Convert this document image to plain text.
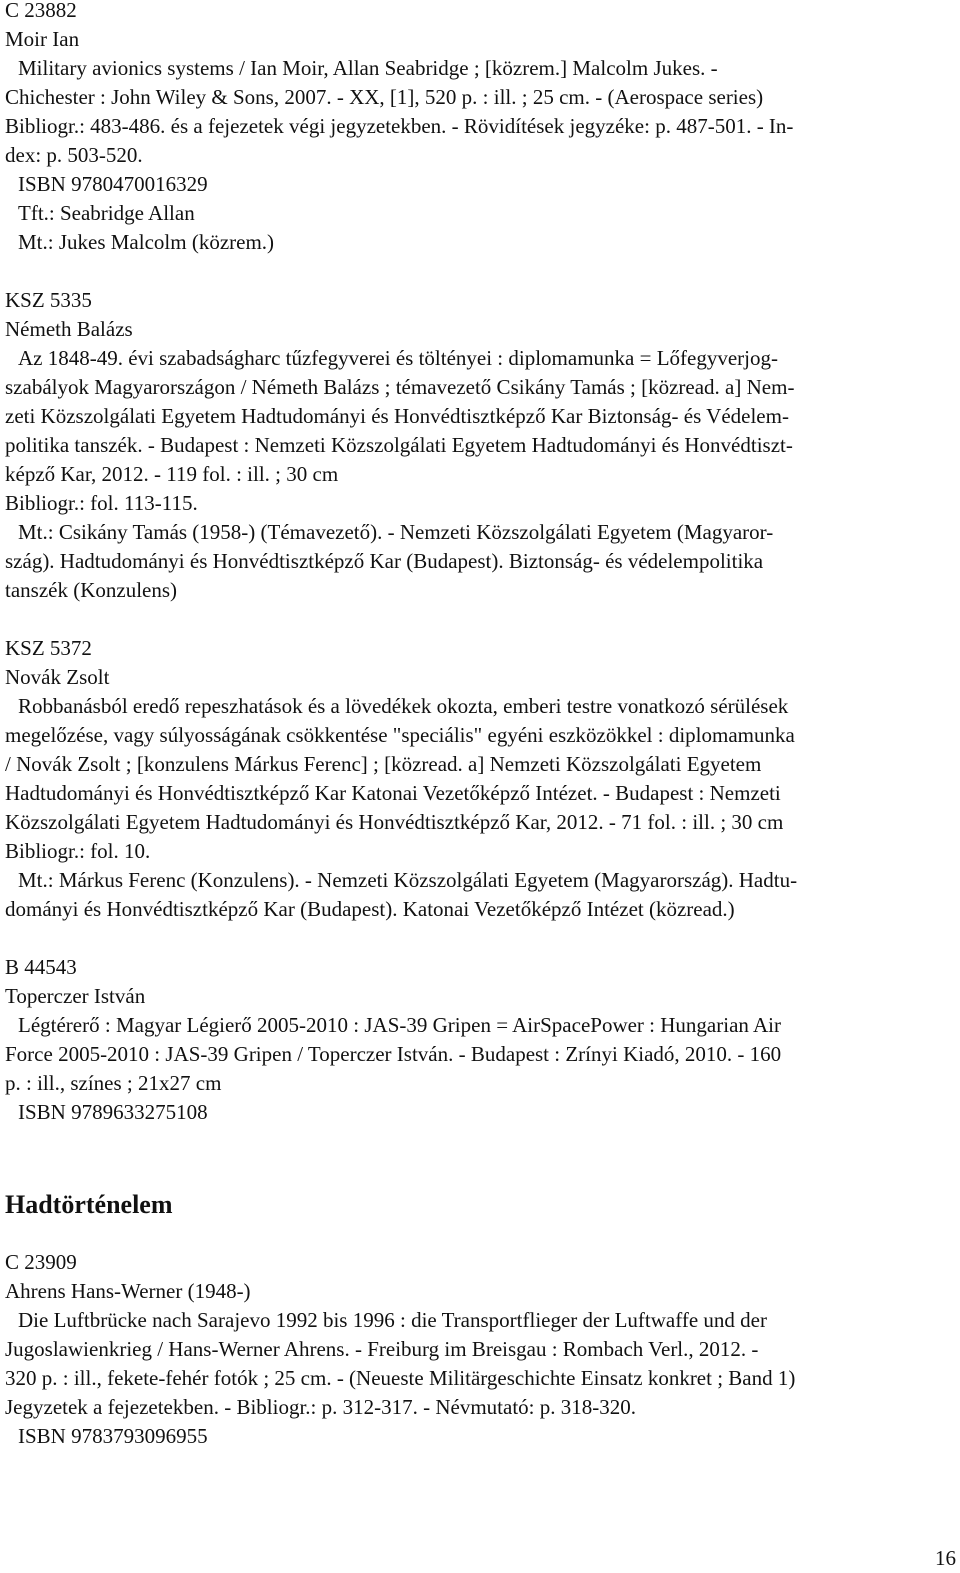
C 23882
Moir Ian
Military avionics systems / Ian Moir, Allan Seabridge ; [közrem.] Malcolm Jukes. -
Chichester : John Wiley & Sons, 2007. - XX, [1], 520 p. : ill. ; 25 cm. - (Aerospace series)
Bibliogr.: 483-486. és a fejezetek végi jegyzetekben. - Rövidítések jegyzéke: p. 487-501. - In-
dex: p. 503-520.
ISBN 9780470016329
Tft.: Seabridge Allan
Mt.: Jukes Malcolm (közrem.)
KSZ 5335
Németh Balázs
Az 1848-49. évi szabadságharc tűzfegyverei és töltényei : diplomamunka = Lőfegyverjog-
szabályok Magyarországon / Németh Balázs ; témavezető Csikány Tamás ; [közread. a] Nem-
zeti Közszolgálati Egyetem Hadtudományi és Honvédtisztképző Kar Biztonság- és Védelem-
politika tanszék. - Budapest : Nemzeti Közszolgálati Egyetem Hadtudományi és Honvédtiszt-
képző Kar, 2012. - 119 fol. : ill. ; 30 cm
Bibliogr.: fol. 113-115.
Mt.: Csikány Tamás (1958-) (Témavezető). - Nemzeti Közszolgálati Egyetem (Magyaror-
szág). Hadtudományi és Honvédtisztképző Kar (Budapest). Biztonság- és védelempolitika
tanszék (Konzulens)
KSZ 5372
Novák Zsolt
Robbanásból eredő repeszhatások és a lövedékek okozta, emberi testre vonatkozó sérülések
megelőzése, vagy súlyosságának csökkentése "speciális" egyéni eszközökkel : diplomamunka
/ Novák Zsolt ; [konzulens Márkus Ferenc] ; [közread. a] Nemzeti Közszolgálati Egyetem
Hadtudományi és Honvédtisztképző Kar Katonai Vezetőképző Intézet. - Budapest : Nemzeti
Közszolgálati Egyetem Hadtudományi és Honvédtisztképző Kar, 2012. - 71 fol. : ill. ; 30 cm
Bibliogr.: fol. 10.
Mt.: Márkus Ferenc (Konzulens). - Nemzeti Közszolgálati Egyetem (Magyarország). Hadtu-
dományi és Honvédtisztképző Kar (Budapest). Katonai Vezetőképző Intézet (közread.)
B 44543
Toperczer István
Légtérerő : Magyar Légierő 2005-2010 : JAS-39 Gripen = AirSpacePower : Hungarian Air
Force 2005-2010 : JAS-39 Gripen / Toperczer István. - Budapest : Zrínyi Kiadó, 2010. - 160
p. : ill., színes ; 21x27 cm
ISBN 9789633275108
Hadtörténelem
C 23909
Ahrens Hans-Werner (1948-)
Die Luftbrücke nach Sarajevo 1992 bis 1996 : die Transportflieger der Luftwaffe und der
Jugoslawienkrieg / Hans-Werner Ahrens. - Freiburg im Breisgau : Rombach Verl., 2012. -
320 p. : ill., fekete-fehér fotók ; 25 cm. - (Neueste Militärgeschichte Einsatz konkret ; Band 1)
Jegyzetek a fejezetekben. - Bibliogr.: p. 312-317. - Névmutató: p. 318-320.
ISBN 9783793096955
16
